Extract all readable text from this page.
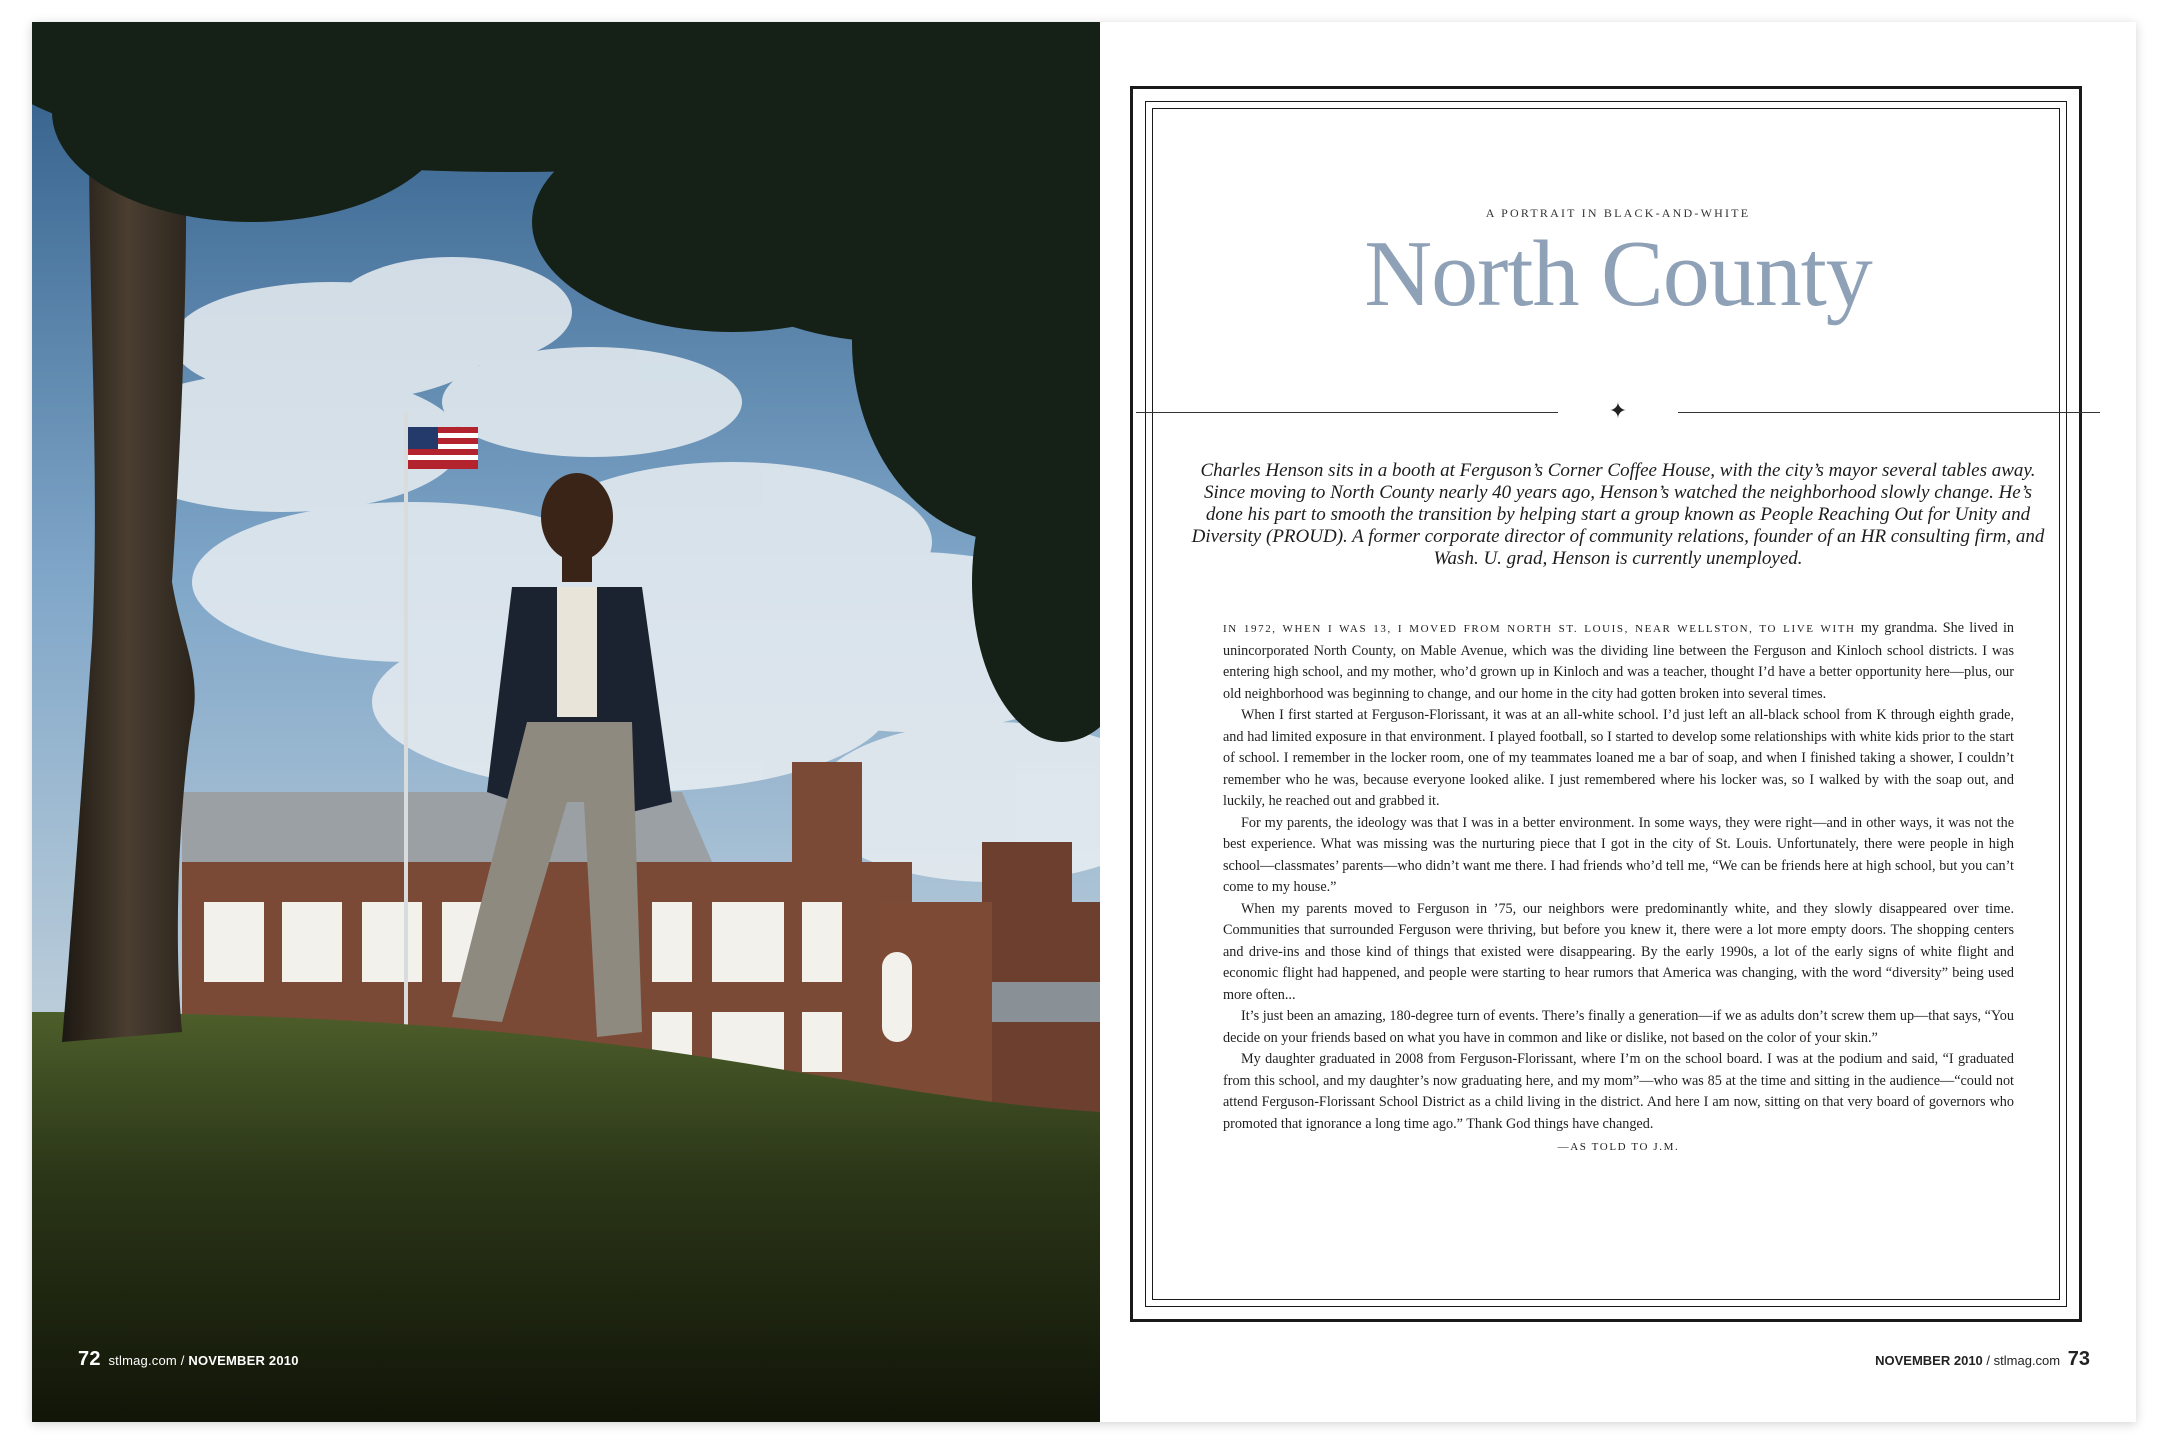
72 stlmag.com / NOVEMBER 2010
A PORTRAIT IN BLACK-AND-WHITE
North County
✦
Charles Henson sits in a booth at Ferguson’s Corner Coffee House, with the city’s mayor several tables away. Since moving to North County nearly 40 years ago, Henson’s watched the neighborhood slowly change. He’s done his part to smooth the transition by helping start a group known as People Reaching Out for Unity and Diversity (PROUD). A former corporate director of community relations, founder of an HR consulting firm, and Wash. U. grad, Henson is currently unemployed.

IN 1972, WHEN I WAS 13, I MOVED FROM NORTH ST. LOUIS, NEAR WELLSTON, TO LIVE WITH my grandma. She lived in unincorporated North County, on Mable Avenue, which was the dividing line between the Ferguson and Kinloch school districts. I was entering high school, and my mother, who’d grown up in Kinloch and was a teacher, thought I’d have a better opportunity here—plus, our old neighborhood was beginning to change, and our home in the city had gotten broken into several times.

When I first started at Ferguson-Florissant, it was at an all-white school. I’d just left an all-black school from K through eighth grade, and had limited exposure in that environment. I played football, so I started to develop some relationships with white kids prior to the start of school. I remember in the locker room, one of my teammates loaned me a bar of soap, and when I finished taking a shower, I couldn’t remember who he was, because everyone looked alike. I just remembered where his locker was, so I walked by with the soap out, and luckily, he reached out and grabbed it.

For my parents, the ideology was that I was in a better environment. In some ways, they were right—and in other ways, it was not the best experience. What was missing was the nurturing piece that I got in the city of St. Louis. Unfortunately, there were people in high school—classmates’ parents—who didn’t want me there. I had friends who’d tell me, “We can be friends here at high school, but you can’t come to my house.”

When my parents moved to Ferguson in ’75, our neighbors were predominantly white, and they slowly disappeared over time. Communities that surrounded Ferguson were thriving, but before you knew it, there were a lot more empty doors. The shopping centers and drive-ins and those kind of things that existed were disappearing. By the early 1990s, a lot of the early signs of white flight and economic flight had happened, and people were starting to hear rumors that America was changing, with the word “diversity” being used more often...

It’s just been an amazing, 180-degree turn of events. There’s finally a generation—if we as adults don’t screw them up—that says, “You decide on your friends based on what you have in common and like or dislike, not based on the color of your skin.”

My daughter graduated in 2008 from Ferguson-Florissant, where I’m on the school board. I was at the podium and said, “I graduated from this school, and my daughter’s now graduating here, and my mom”—who was 85 at the time and sitting in the audience—“could not attend Ferguson-Florissant School District as a child living in the district. And here I am now, sitting on that very board of governors who promoted that ignorance a long time ago.” Thank God things have changed.

—AS TOLD TO J.M.
NOVEMBER 2010 / stlmag.com 73
